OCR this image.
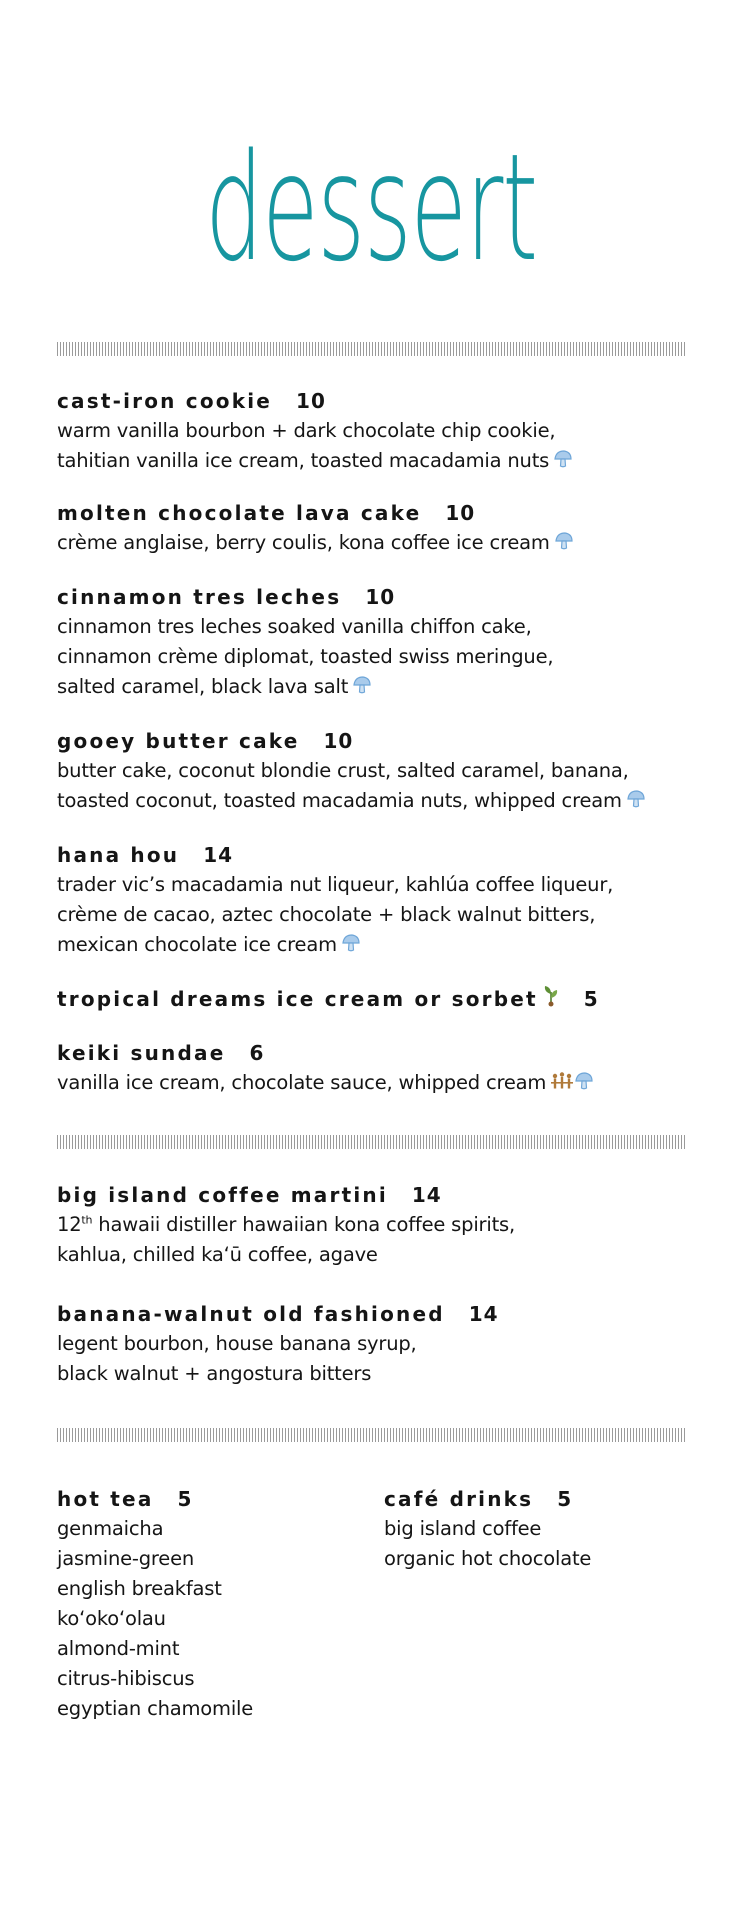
dessert
cast-iron cookie 10
warm vanilla bourbon + dark chocolate chip cookie,
tahitian vanilla ice cream, toasted macadamia nuts
molten chocolate lava cake 10
crème anglaise, berry coulis, kona coffee ice cream
cinnamon tres leches 10
cinnamon tres leches soaked vanilla chiffon cake,
cinnamon crème diplomat, toasted swiss meringue,
salted caramel, black lava salt
gooey butter cake 10
butter cake, coconut blondie crust, salted caramel, banana,
toasted coconut, toasted macadamia nuts, whipped cream
hana hou 14
trader vic’s macadamia nut liqueur, kahlúa coffee liqueur,
crème de cacao, aztec chocolate + black walnut bitters,
mexican chocolate ice cream
tropical dreams ice cream or sorbet 5
keiki sundae 6
vanilla ice cream, chocolate sauce, whipped cream
big island coffee martini 14
12th hawaii distiller hawaiian kona coffee spirits,
kahlua, chilled ka‘ū coffee, agave
banana-walnut old fashioned 14
legent bourbon, house banana syrup,
black walnut + angostura bitters
hot tea 5
genmaicha
jasmine-green
english breakfast
ko‘oko‘olau
almond-mint
citrus-hibiscus
egyptian chamomile
café drinks 5
big island coffee
organic hot chocolate
